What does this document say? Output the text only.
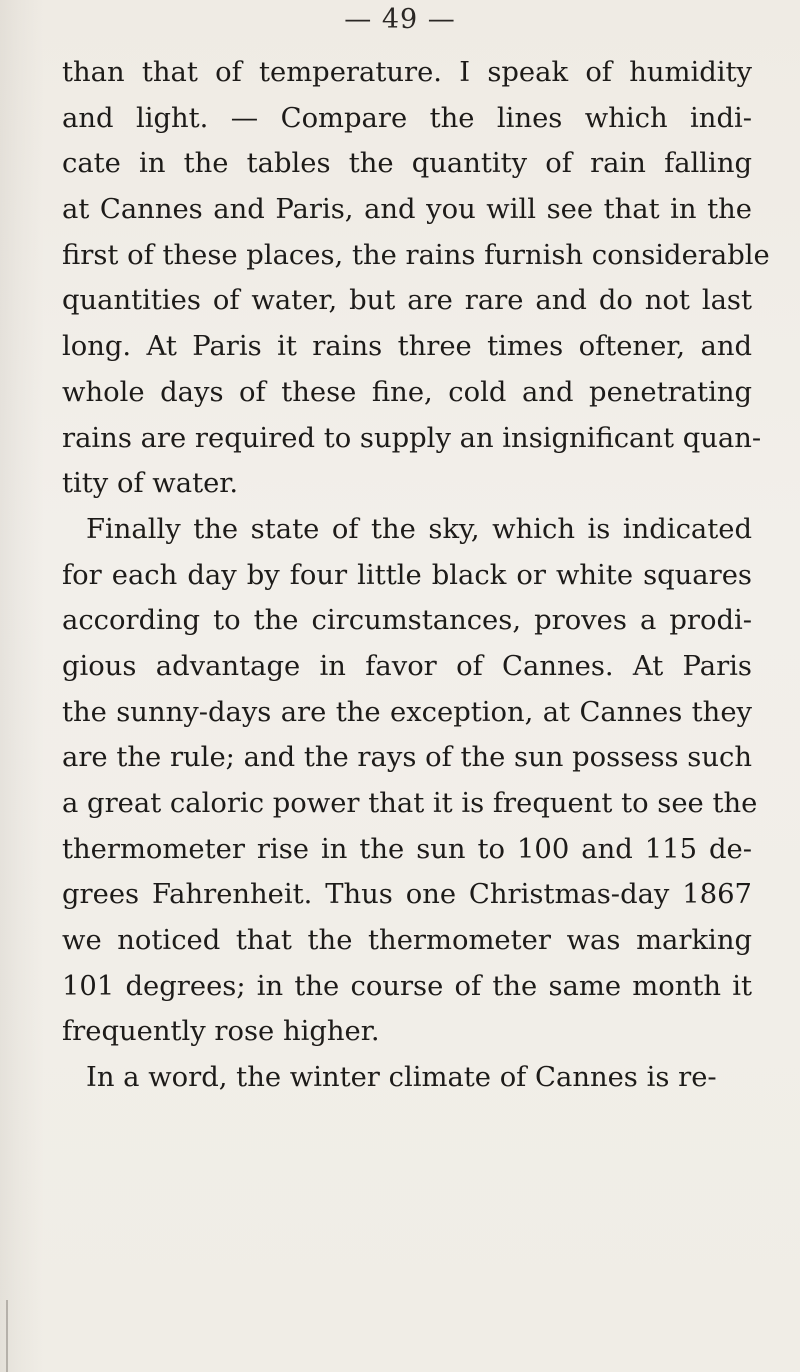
— 49 —
than that of temperature. I speak of humidity
and light. — Compare the lines which indi-
cate in the tables the quantity of rain falling
at Cannes and Paris, and you will see that in the
first of these places, the rains furnish considerable
quantities of water, but are rare and do not last
long. At Paris it rains three times oftener, and
whole days of these fine, cold and penetrating
rains are required to supply an insignificant quan-
tity of water.
Finally the state of the sky, which is indicated
for each day by four little black or white squares
according to the circumstances, proves a prodi-
gious advantage in favor of Cannes. At Paris
the sunny-days are the exception, at Cannes they
are the rule; and the rays of the sun possess such
a great caloric power that it is frequent to see the
thermometer rise in the sun to 100 and 115 de-
grees Fahrenheit. Thus one Christmas-day 1867
we noticed that the thermometer was marking
101 degrees; in the course of the same month it
frequently rose higher.
In a word, the winter climate of Cannes is re-
